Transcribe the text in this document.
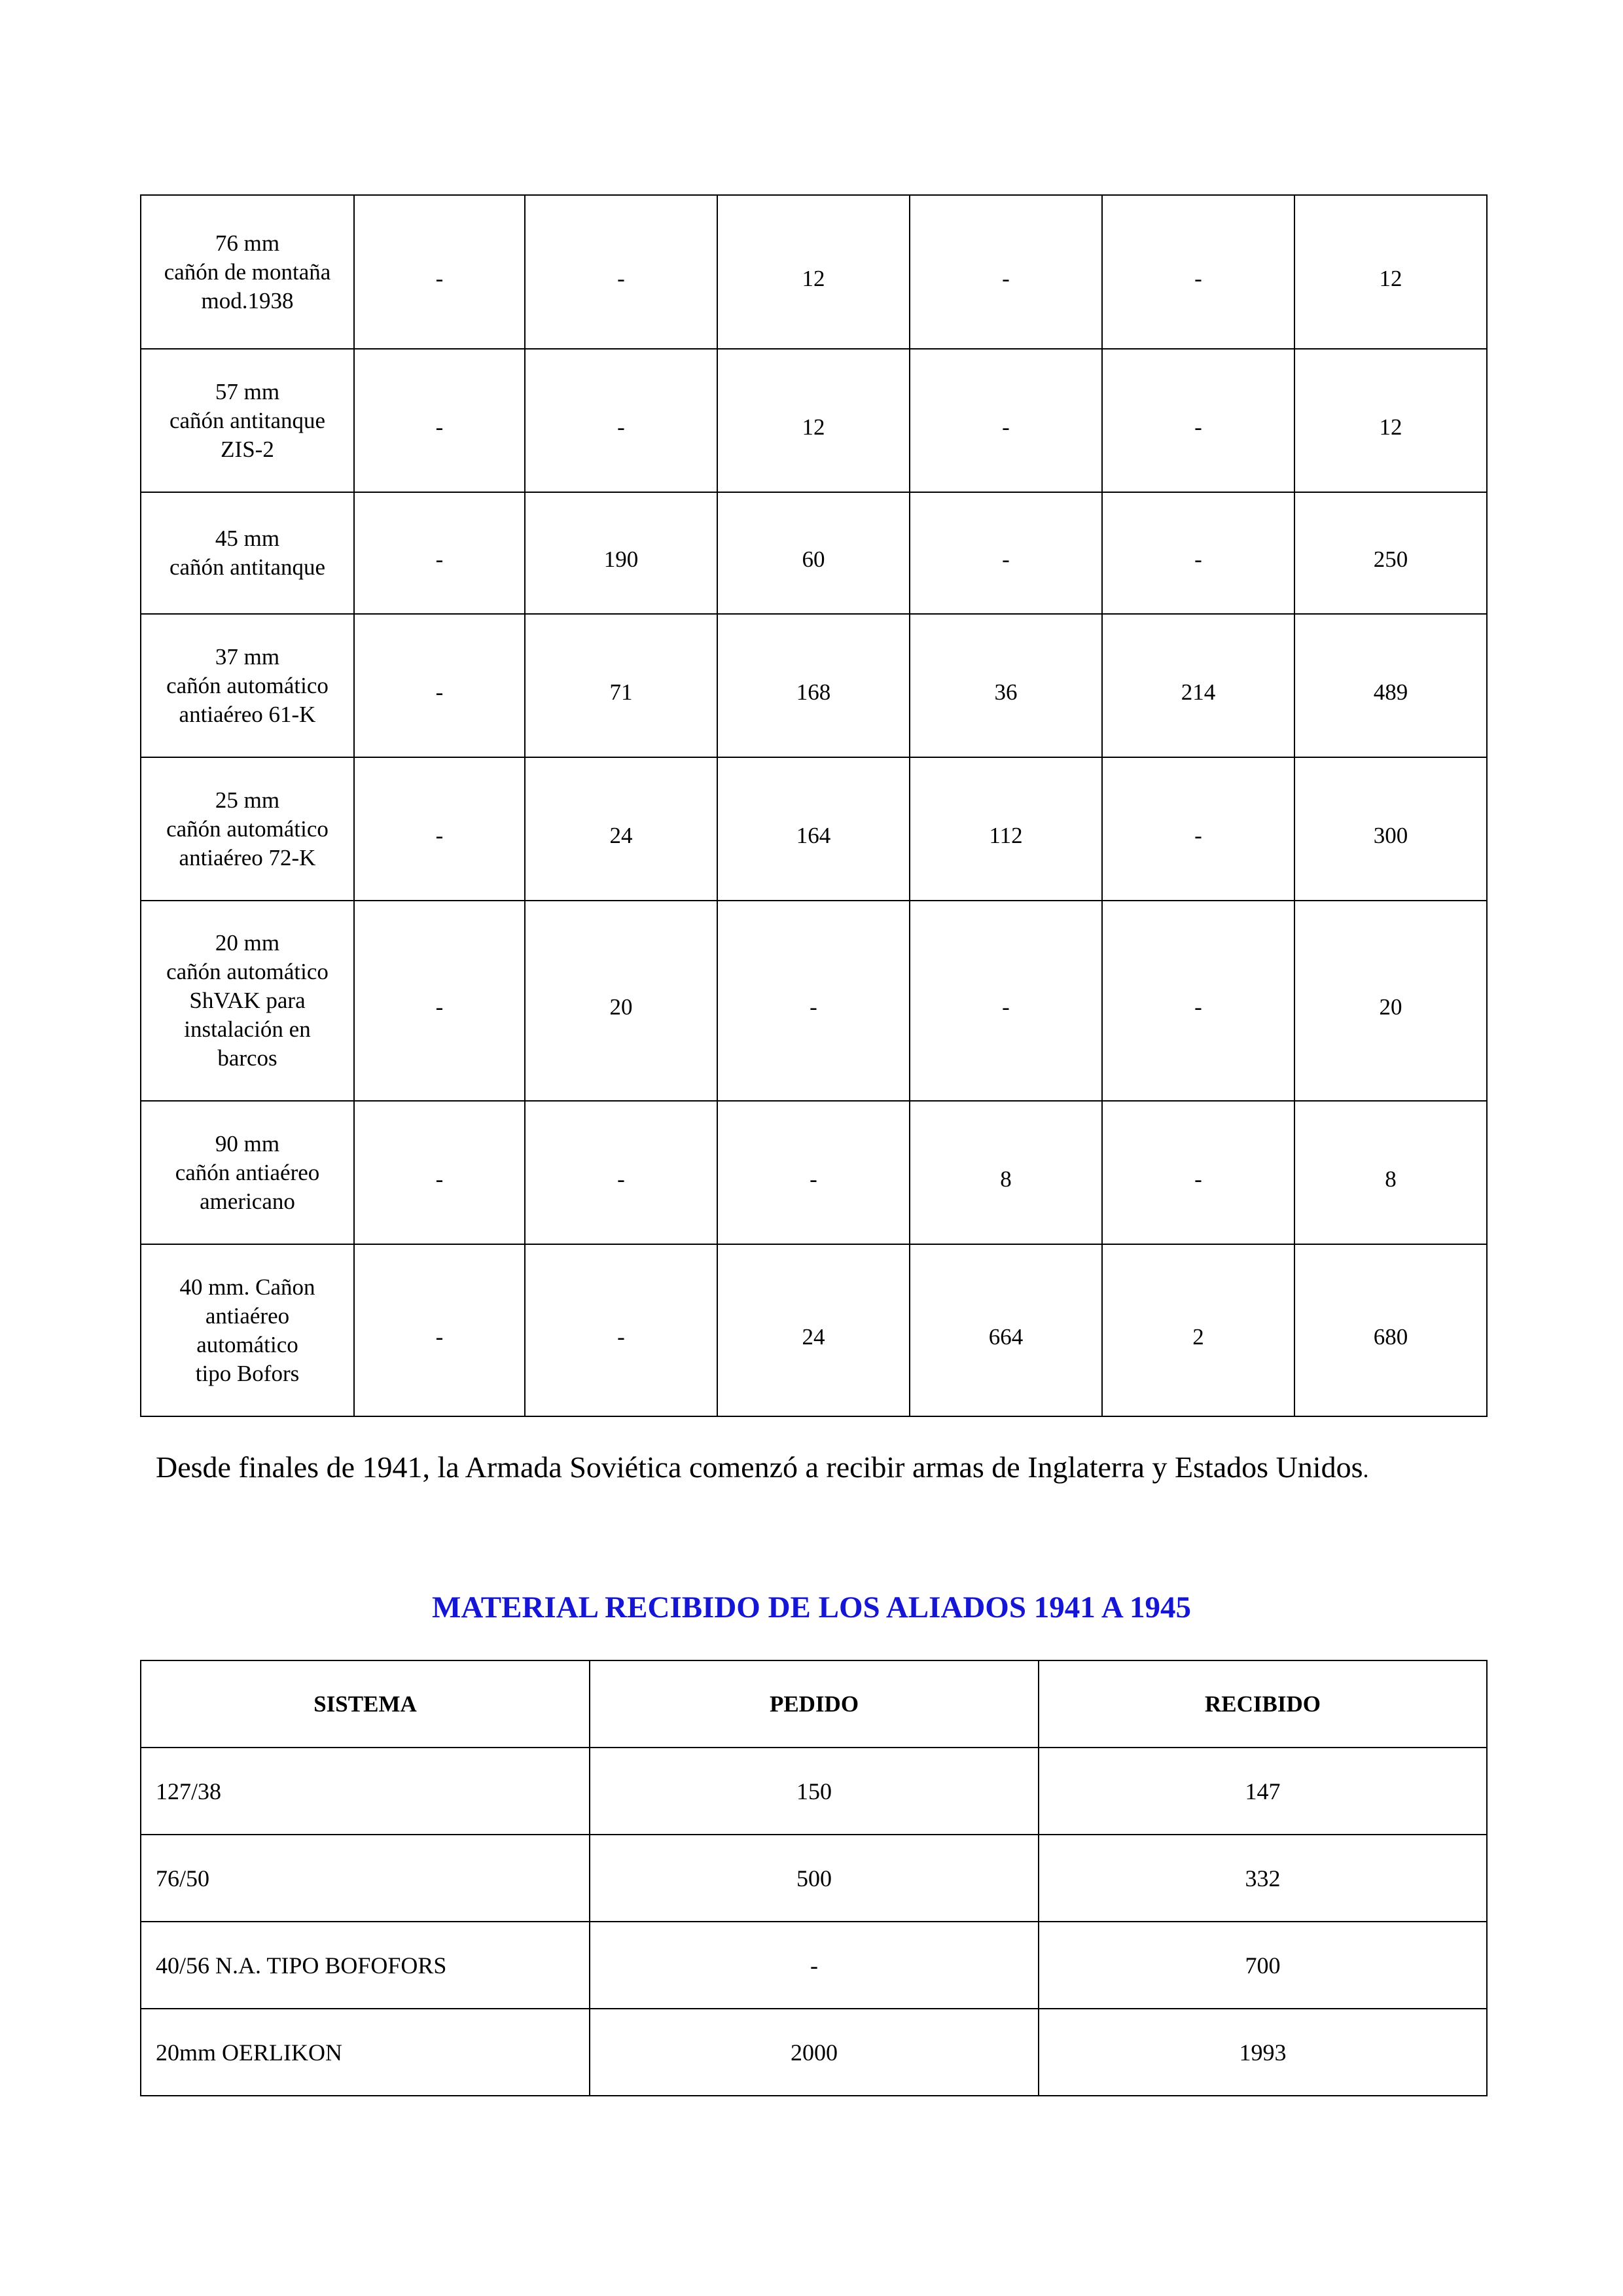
76 mm
cañón de montaña
mod.1938	-	-	12	-	-	12

57 mm
cañón antitanque
ZIS-2	-	-	12	-	-	12

45 mm
cañón antitanque	-	190	60	-	-	250

37 mm
cañón automático
antiaéreo 61-K	-	71	168	36	214	489

25 mm
cañón automático
antiaéreo 72-K	-	24	164	112	-	300

20 mm
cañón automático
ShVAK para
instalación en
barcos	-	20	-	-	-	20

90 mm
cañón antiaéreo
americano	-	-	-	8	-	8

40 mm. Cañon
antiaéreo
automático
tipo Bofors	-	-	24	664	2	680

Desde finales de 1941, la Armada Soviética comenzó a recibir armas de Inglaterra y Estados Unidos.

MATERIAL RECIBIDO DE LOS ALIADOS 1941 A 1945
SISTEMA	PEDIDO	RECIBIDO
127/38	150	147
76/50	500	332
40/56 N.A. TIPO BOFOFORS	-	700
20mm OERLIKON	2000	1993
